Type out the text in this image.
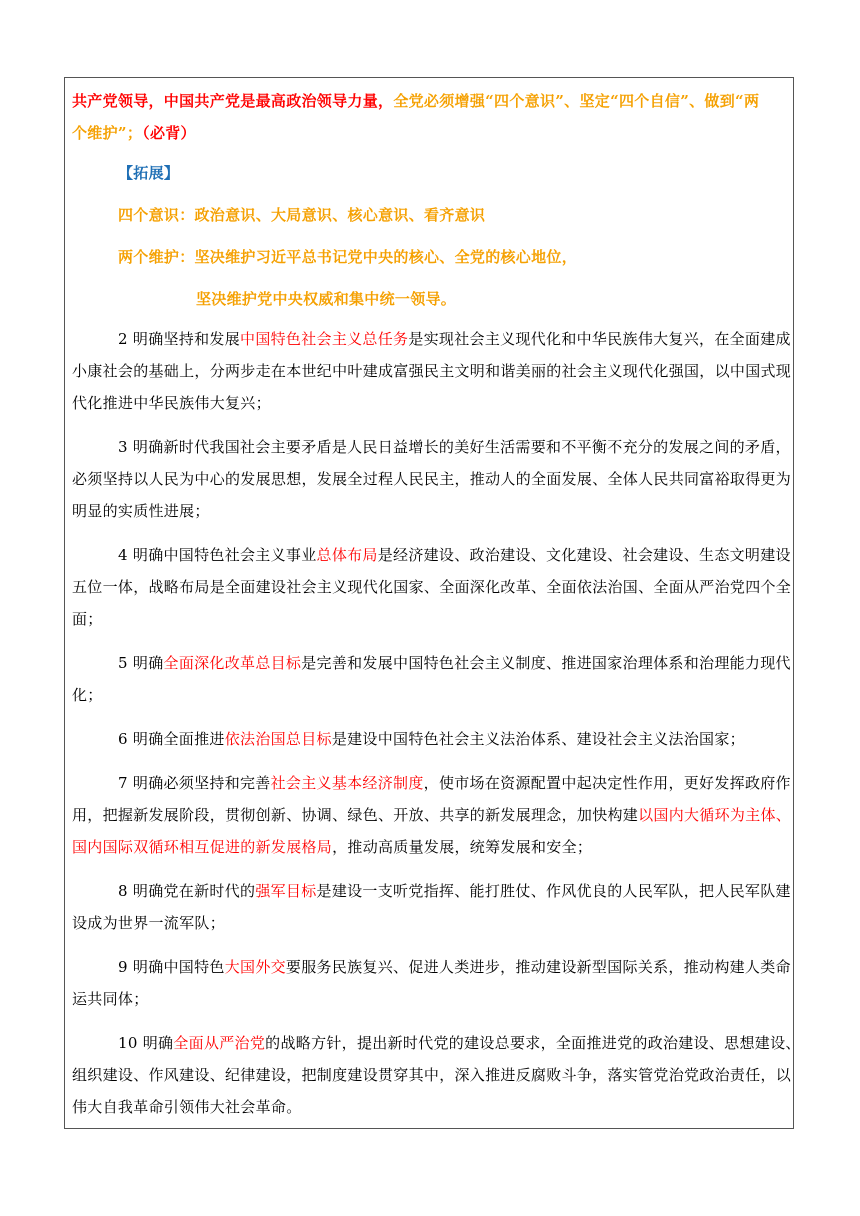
共产党领导，中国共产党是最高政治领导力量，全党必须增强“四个意识”、坚定“四个自信”、做到“两
个维护”；（必背）
【拓展】
四个意识：政治意识、大局意识、核心意识、看齐意识
两个维护：坚决维护习近平总书记党中央的核心、全党的核心地位，
坚决维护党中央权威和集中统一领导。
2 明确坚持和发展中国特色社会主义总任务是实现社会主义现代化和中华民族伟大复兴，在全面建成
小康社会的基础上，分两步走在本世纪中叶建成富强民主文明和谐美丽的社会主义现代化强国，以中国式现
代化推进中华民族伟大复兴；
3 明确新时代我国社会主要矛盾是人民日益增长的美好生活需要和不平衡不充分的发展之间的矛盾，
必须坚持以人民为中心的发展思想，发展全过程人民民主，推动人的全面发展、全体人民共同富裕取得更为
明显的实质性进展；
4 明确中国特色社会主义事业总体布局是经济建设、政治建设、文化建设、社会建设、生态文明建设
五位一体，战略布局是全面建设社会主义现代化国家、全面深化改革、全面依法治国、全面从严治党四个全
面；
5 明确全面深化改革总目标是完善和发展中国特色社会主义制度、推进国家治理体系和治理能力现代
化；
6 明确全面推进依法治国总目标是建设中国特色社会主义法治体系、建设社会主义法治国家；
7 明确必须坚持和完善社会主义基本经济制度，使市场在资源配置中起决定性作用，更好发挥政府作
用，把握新发展阶段，贯彻创新、协调、绿色、开放、共享的新发展理念，加快构建以国内大循环为主体、
国内国际双循环相互促进的新发展格局，推动高质量发展，统筹发展和安全；
8 明确党在新时代的强军目标是建设一支听党指挥、能打胜仗、作风优良的人民军队，把人民军队建
设成为世界一流军队；
9 明确中国特色大国外交要服务民族复兴、促进人类进步，推动建设新型国际关系，推动构建人类命
运共同体；
10 明确全面从严治党的战略方针，提出新时代党的建设总要求，全面推进党的政治建设、思想建设、
组织建设、作风建设、纪律建设，把制度建设贯穿其中，深入推进反腐败斗争，落实管党治党政治责任，以
伟大自我革命引领伟大社会革命。
